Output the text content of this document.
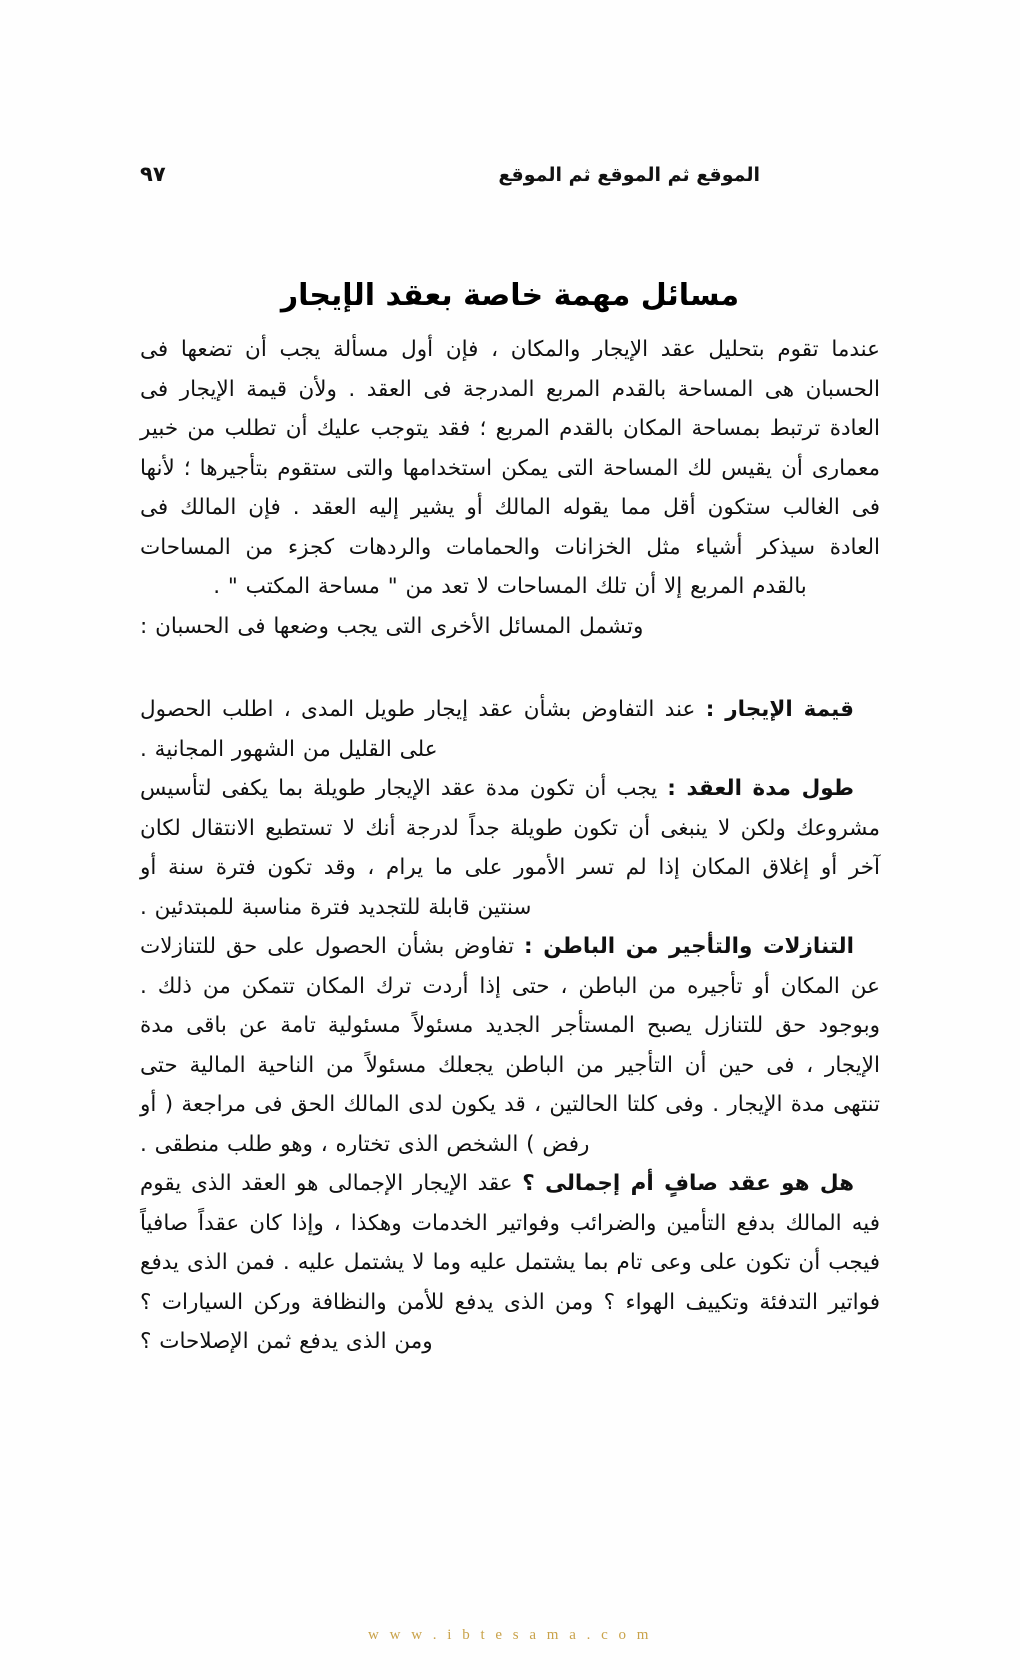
٩٧	الموقع ثم الموقع ثم الموقع
مسائل مهمة خاصة بعقد الإيجار

عندما تقوم بتحليل عقد الإيجار والمكان ، فإن أول مسألة يجب أن تضعها فى الحسبان هى المساحة بالقدم المربع المدرجة فى العقد . ولأن قيمة الإيجار فى العادة ترتبط بمساحة المكان بالقدم المربع ؛ فقد يتوجب عليك أن تطلب من خبير معمارى أن يقيس لك المساحة التى يمكن استخدامها والتى ستقوم بتأجيرها ؛ لأنها فى الغالب ستكون أقل مما يقوله المالك أو يشير إليه العقد . فإن المالك فى العادة سيذكر أشياء مثل الخزانات والحمامات والردهات كجزء من المساحات بالقدم المربع إلا أن تلك المساحات لا تعد من " مساحة المكتب " .

وتشمل المسائل الأخرى التى يجب وضعها فى الحسبان :

قيمة الإيجار : عند التفاوض بشأن عقد إيجار طويل المدى ، اطلب الحصول على القليل من الشهور المجانية .

طول مدة العقد : يجب أن تكون مدة عقد الإيجار طويلة بما يكفى لتأسيس مشروعك ولكن لا ينبغى أن تكون طويلة جداً لدرجة أنك لا تستطيع الانتقال لكان آخر أو إغلاق المكان إذا لم تسر الأمور على ما يرام ، وقد تكون فترة سنة أو سنتين قابلة للتجديد فترة مناسبة للمبتدئين .

التنازلات والتأجير من الباطن : تفاوض بشأن الحصول على حق للتنازلات عن المكان أو تأجيره من الباطن ، حتى إذا أردت ترك المكان تتمكن من ذلك . وبوجود حق للتنازل يصبح المستأجر الجديد مسئولاً مسئولية تامة عن باقى مدة الإيجار ، فى حين أن التأجير من الباطن يجعلك مسئولاً من الناحية المالية حتى تنتهى مدة الإيجار . وفى كلتا الحالتين ، قد يكون لدى المالك الحق فى مراجعة ( أو رفض ) الشخص الذى تختاره ، وهو طلب منطقى .

هل هو عقد صافٍ أم إجمالى ؟ عقد الإيجار الإجمالى هو العقد الذى يقوم فيه المالك بدفع التأمين والضرائب وفواتير الخدمات وهكذا ، وإذا كان عقداً صافياً فيجب أن تكون على وعى تام بما يشتمل عليه وما لا يشتمل عليه . فمن الذى يدفع فواتير التدفئة وتكييف الهواء ؟ ومن الذى يدفع للأمن والنظافة وركن السيارات ؟ ومن الذى يدفع ثمن الإصلاحات ؟

w w w . i b t e s a m a . c o m
